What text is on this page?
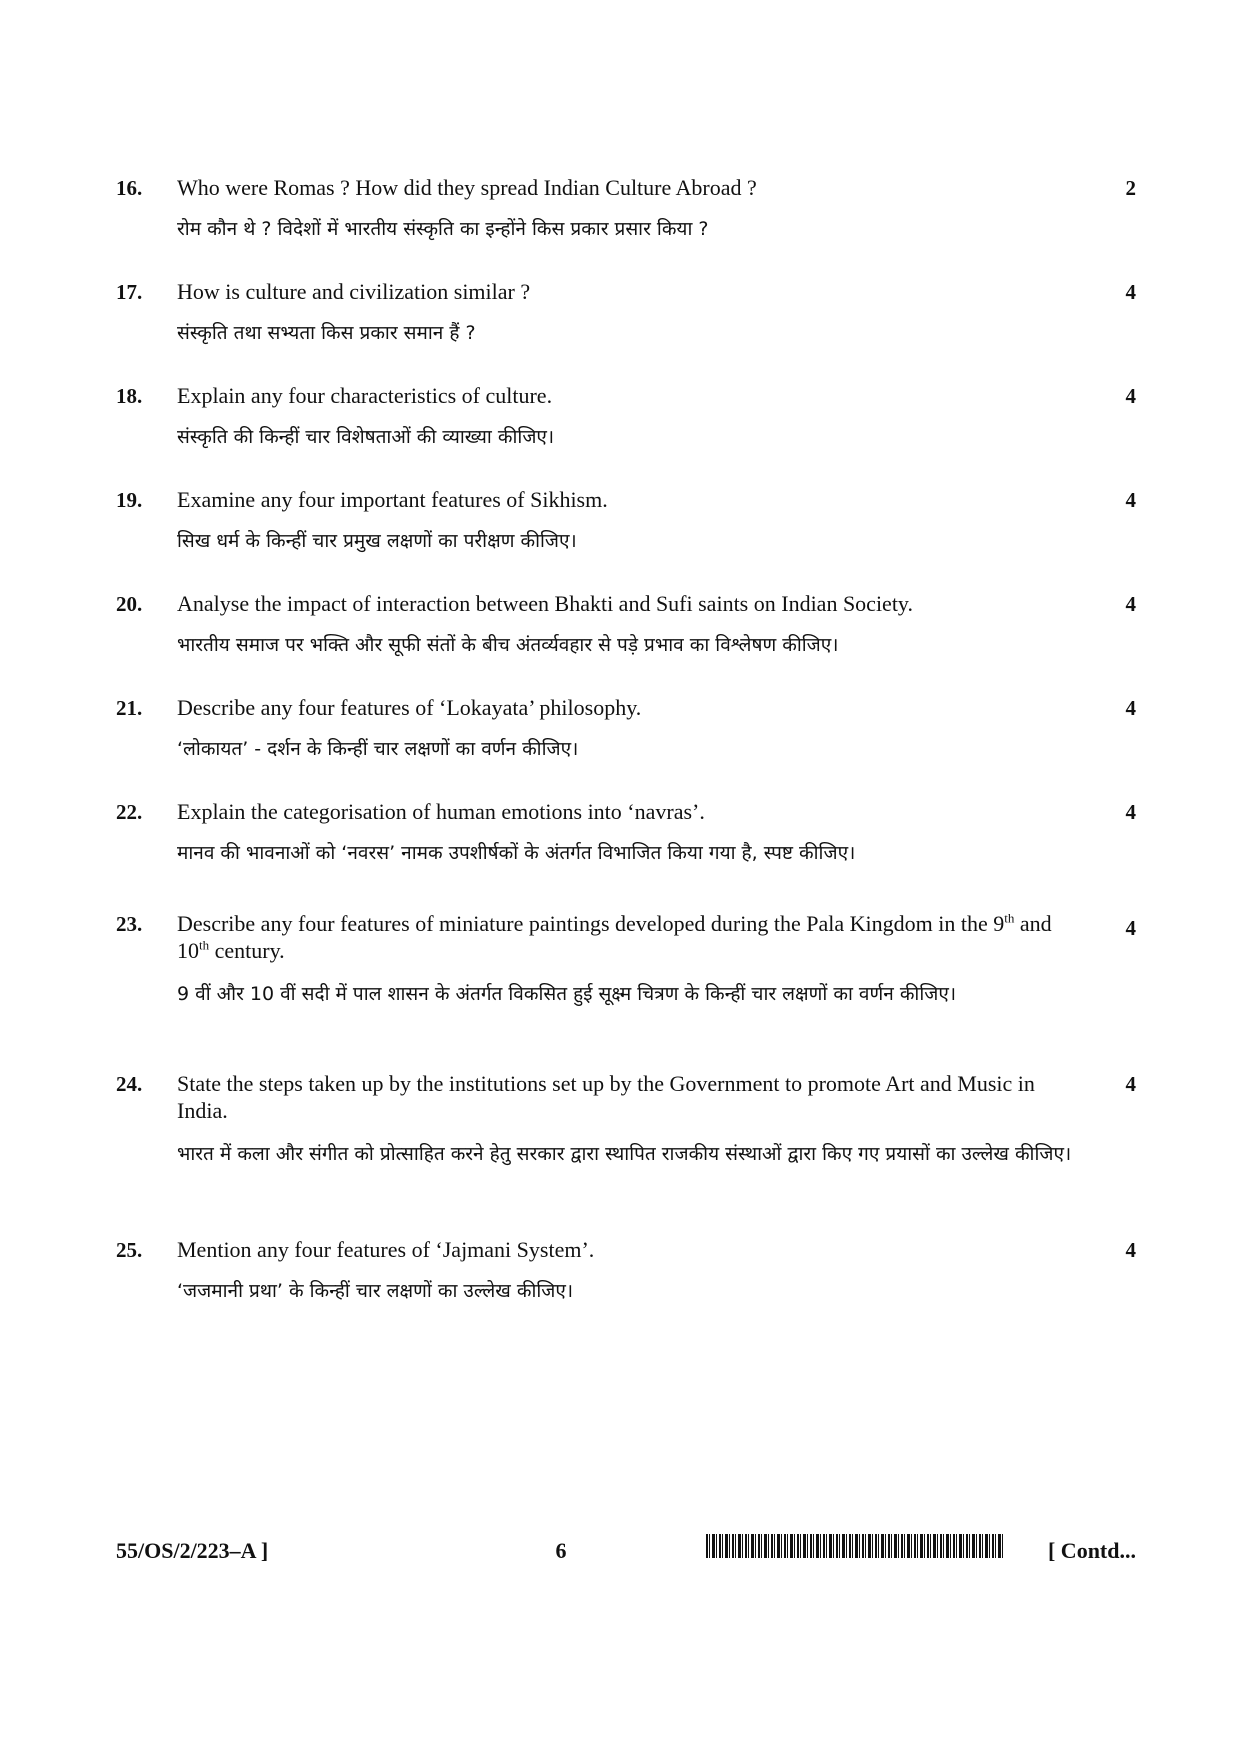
16.	Who were Romas ? How did they spread Indian Culture Abroad ?

रोम कौन थे ? विदेशों में भारतीय संस्कृति का इन्होंने किस प्रकार प्रसार किया ?

2
17.	How is culture and civilization similar ?

संस्कृति तथा सभ्यता किस प्रकार समान हैं ?

4
18.	Explain any four characteristics of culture.

संस्कृति की किन्हीं चार विशेषताओं की व्याख्या कीजिए।

4
19.	Examine any four important features of Sikhism.

सिख धर्म के किन्हीं चार प्रमुख लक्षणों का परीक्षण कीजिए।

4
20.	Analyse the impact of interaction between Bhakti and Sufi saints on Indian Society.

भारतीय समाज पर भक्ति और सूफी संतों के बीच अंतर्व्यवहार से पड़े प्रभाव का विश्लेषण कीजिए।

4
21.	Describe any four features of ‘Lokayata’ philosophy.

‘लोकायत’ - दर्शन के किन्हीं चार लक्षणों का वर्णन कीजिए।

4
22.	Explain the categorisation of human emotions into ‘navras’.

मानव की भावनाओं को ‘नवरस’ नामक उपशीर्षकों के अंतर्गत विभाजित किया गया है, स्पष्ट कीजिए।

4
23.	Describe any four features of miniature paintings developed during the Pala Kingdom in the 9th and 10th century.

9 वीं और 10 वीं सदी में पाल शासन के अंतर्गत विकसित हुई सूक्ष्म चित्रण के किन्हीं चार लक्षणों का वर्णन कीजिए।

4
24.	State the steps taken up by the institutions set up by the Government to promote Art and Music in India.

भारत में कला और संगीत को प्रोत्साहित करने हेतु सरकार द्वारा स्थापित राजकीय संस्थाओं द्वारा किए गए प्रयासों का उल्लेख कीजिए।

4
25.	Mention any four features of ‘Jajmani System’.

‘जजमानी प्रथा’ के किन्हीं चार लक्षणों का उल्लेख कीजिए।

4
55/OS/2/223–A ]	6	[ Contd...
